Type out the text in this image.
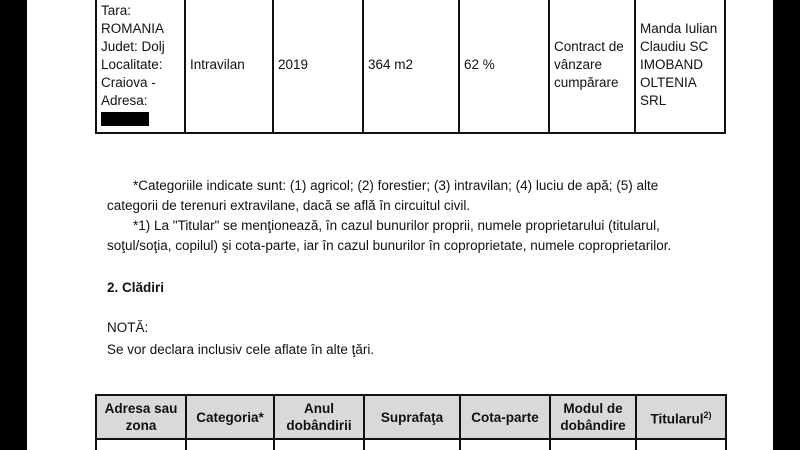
Tara:
ROMANIA
Judet: Dolj
Localitate:
Craiova -
Adresa:
	Intravilan	2019	364 m2	62 %	Contract de vânzare cumpărare	Manda Iulian Claudiu SC IMOBAND OLTENIA SRL

*Categoriile indicate sunt: (1) agricol; (2) forestier; (3) intravilan; (4) luciu de apă; (5) alte categorii de terenuri extravilane, dacă se află în circuitul civil.

*1) La "Titular" se menţionează, în cazul bunurilor proprii, numele proprietarului (titularul, soţul/soţia, copilul) şi cota-parte, iar în cazul bunurilor în coproprietate, numele coproprietarilor.

2. Clădiri
NOTĂ:
Se vor declara inclusiv cele aflate în alte ţări.
Adresa sau zona	Categoria*	Anul dobândirii	Suprafaţa	Cota-parte	Modul de dobândire	Titularul$^{2)}$
